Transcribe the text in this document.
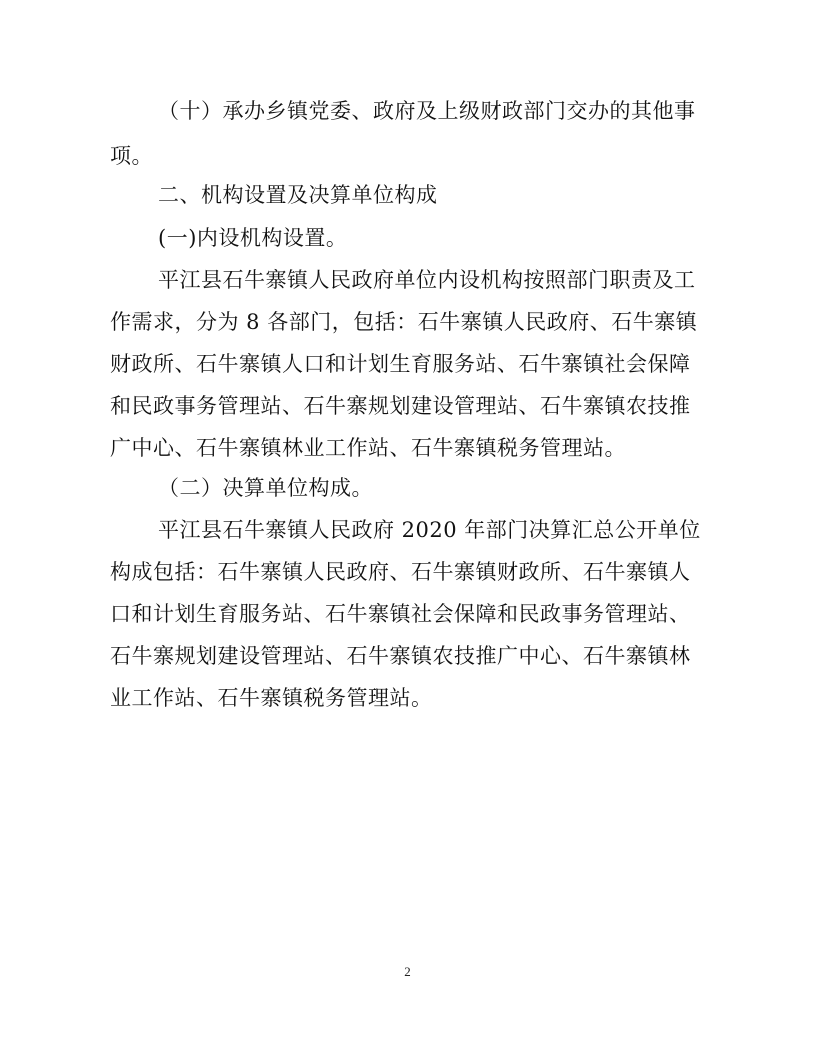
（十）承办乡镇党委、政府及上级财政部门交办的其他事
项。
二、机构设置及决算单位构成
(一)内设机构设置。
平江县石牛寨镇人民政府单位内设机构按照部门职责及工
作需求，分为 8 各部门，包括：石牛寨镇人民政府、石牛寨镇
财政所、石牛寨镇人口和计划生育服务站、石牛寨镇社会保障
和民政事务管理站、石牛寨规划建设管理站、石牛寨镇农技推
广中心、石牛寨镇林业工作站、石牛寨镇税务管理站。
（二）决算单位构成。
平江县石牛寨镇人民政府 2020 年部门决算汇总公开单位
构成包括：石牛寨镇人民政府、石牛寨镇财政所、石牛寨镇人
口和计划生育服务站、石牛寨镇社会保障和民政事务管理站、
石牛寨规划建设管理站、石牛寨镇农技推广中心、石牛寨镇林
业工作站、石牛寨镇税务管理站。
2
